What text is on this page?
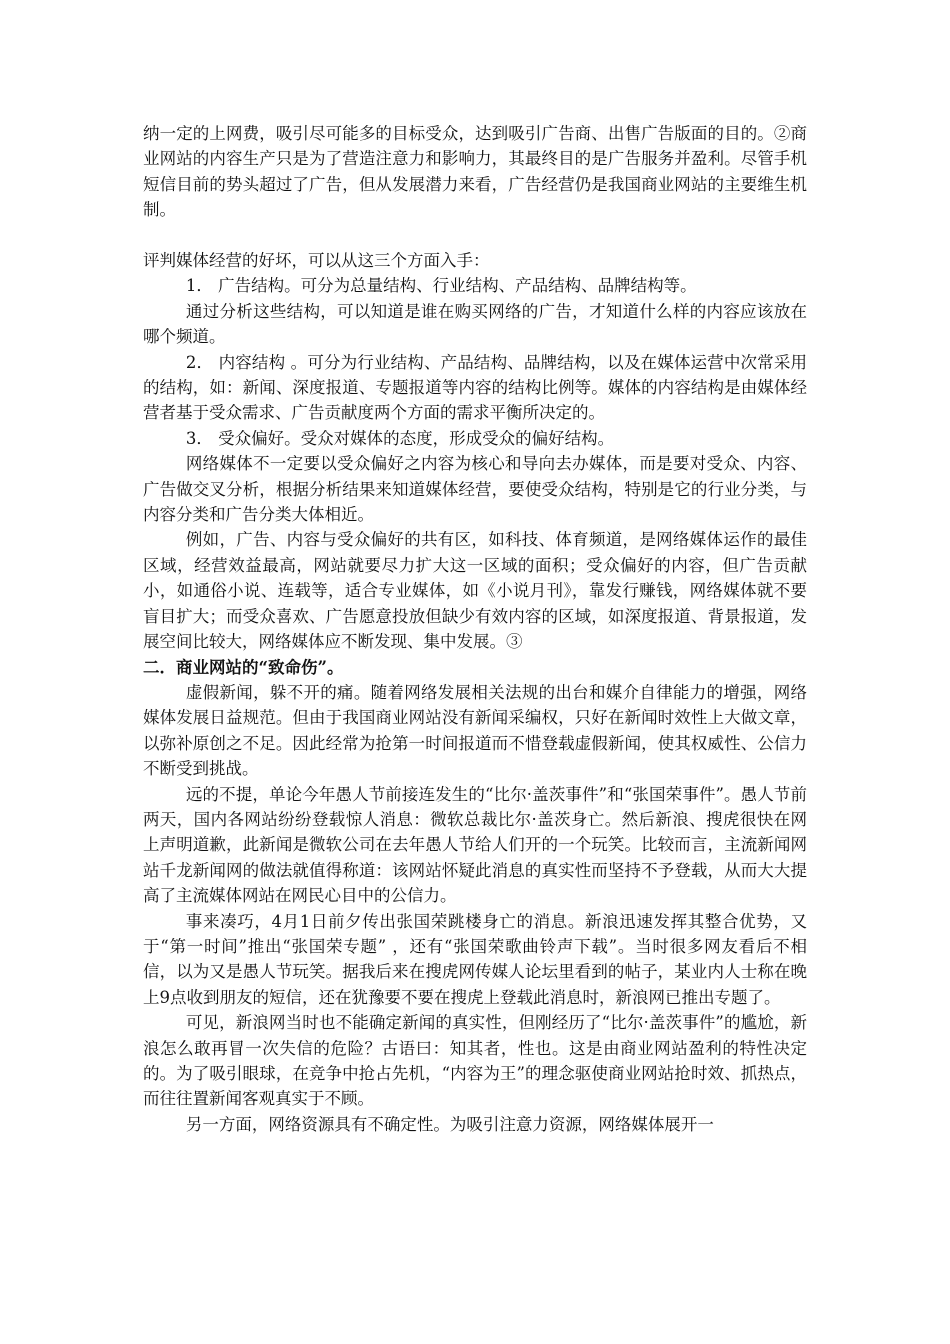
纳一定的上网费，吸引尽可能多的目标受众，达到吸引广告商、出售广告版面的目的。②商业网站的内容生产只是为了营造注意力和影响力，其最终目的是广告服务并盈利。尽管手机短信目前的势头超过了广告，但从发展潜力来看，广告经营仍是我国商业网站的主要维生机制。

评判媒体经营的好坏，可以从这三个方面入手：

1． 广告结构。可分为总量结构、行业结构、产品结构、品牌结构等。

通过分析这些结构，可以知道是谁在购买网络的广告，才知道什么样的内容应该放在哪个频道。

2． 内容结构 。可分为行业结构、产品结构、品牌结构，以及在媒体运营中次常采用的结构，如：新闻、深度报道、专题报道等内容的结构比例等。媒体的内容结构是由媒体经营者基于受众需求、广告贡献度两个方面的需求平衡所决定的。

3． 受众偏好。受众对媒体的态度，形成受众的偏好结构。

网络媒体不一定要以受众偏好之内容为核心和导向去办媒体，而是要对受众、内容、广告做交叉分析，根据分析结果来知道媒体经营，要使受众结构，特别是它的行业分类，与内容分类和广告分类大体相近。

例如，广告、内容与受众偏好的共有区，如科技、体育频道，是网络媒体运作的最佳区域，经营效益最高，网站就要尽力扩大这一区域的面积；受众偏好的内容，但广告贡献小，如通俗小说、连载等，适合专业媒体，如《小说月刊》，靠发行赚钱，网络媒体就不要盲目扩大；而受众喜欢、广告愿意投放但缺少有效内容的区域，如深度报道、背景报道，发展空间比较大，网络媒体应不断发现、集中发展。③

二．商业网站的“致命伤”。

虚假新闻，躲不开的痛。随着网络发展相关法规的出台和媒介自律能力的增强，网络媒体发展日益规范。但由于我国商业网站没有新闻采编权，只好在新闻时效性上大做文章，以弥补原创之不足。因此经常为抢第一时间报道而不惜登载虚假新闻，使其权威性、公信力不断受到挑战。

远的不提，单论今年愚人节前接连发生的“比尔·盖茨事件”和“张国荣事件”。愚人节前两天，国内各网站纷纷登载惊人消息：微软总裁比尔·盖茨身亡。然后新浪、搜虎很快在网上声明道歉，此新闻是微软公司在去年愚人节给人们开的一个玩笑。比较而言，主流新闻网站千龙新闻网的做法就值得称道：该网站怀疑此消息的真实性而坚持不予登载，从而大大提高了主流媒体网站在网民心目中的公信力。

事来凑巧，4月1日前夕传出张国荣跳楼身亡的消息。新浪迅速发挥其整合优势，又于“第一时间”推出“张国荣专题” ，还有“张国荣歌曲铃声下载”。当时很多网友看后不相信，以为又是愚人节玩笑。据我后来在搜虎网传媒人论坛里看到的帖子，某业内人士称在晚上9点收到朋友的短信，还在犹豫要不要在搜虎上登载此消息时，新浪网已推出专题了。

可见，新浪网当时也不能确定新闻的真实性，但刚经历了“比尔·盖茨事件”的尴尬，新浪怎么敢再冒一次失信的危险？古语曰：知其者，性也。这是由商业网站盈利的特性决定的。为了吸引眼球，在竞争中抢占先机，“内容为王”的理念驱使商业网站抢时效、抓热点，而往往置新闻客观真实于不顾。

另一方面，网络资源具有不确定性。为吸引注意力资源，网络媒体展开一
